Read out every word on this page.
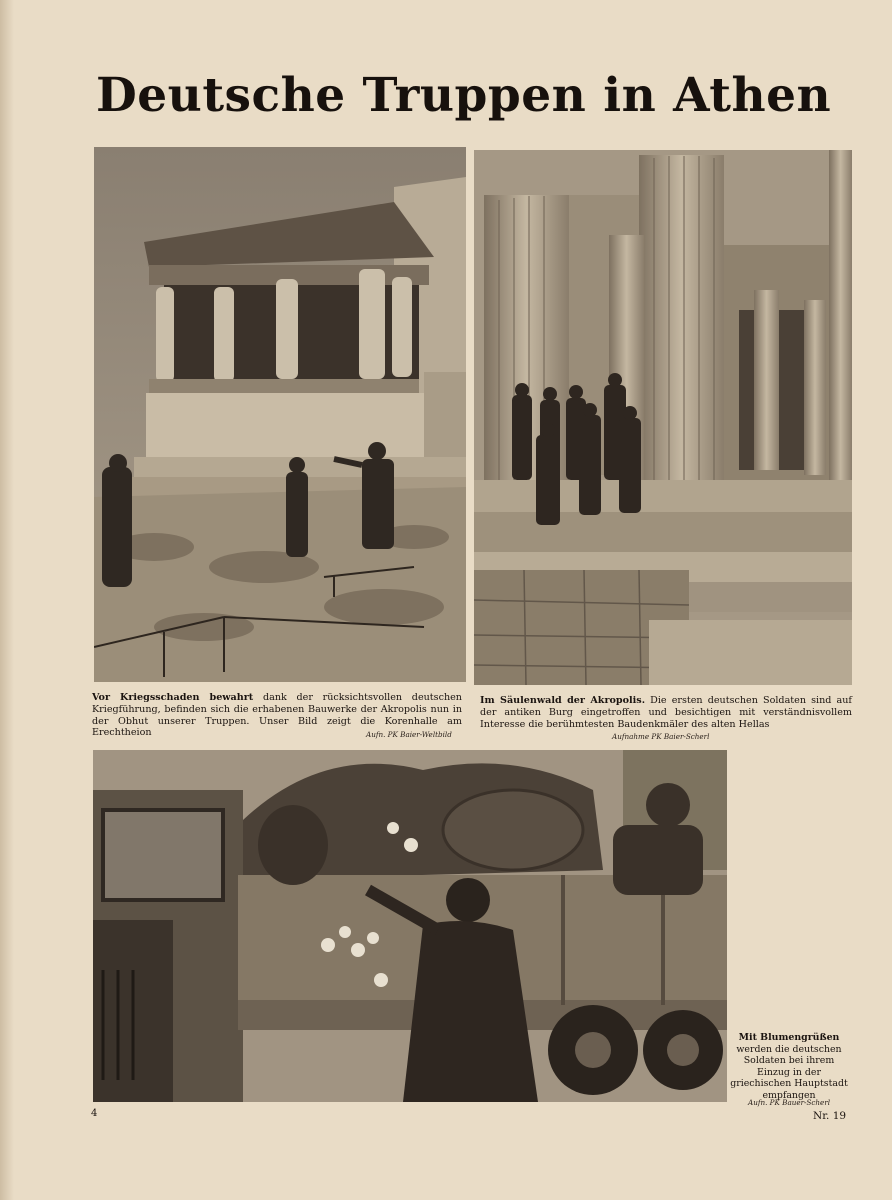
Deutsche Truppen in Athen
Vor Kriegsschaden bewahrt dank der rücksichtsvollen deutschen Kriegführung, befinden sich die erhabenen Bauwerke der Akropolis nun in der Obhut unserer Truppen. Unser Bild zeigt die Korenhalle am Erechtheion	Aufn. PK Baier-Weltbild
Im Säulenwald der Akropolis. Die ersten deutschen Soldaten sind auf der antiken Burg eingetroffen und besichtigen mit verständnisvollem Interesse die berühmtesten Baudenkmäler des alten Hellas
Aufnahme PK Baier-Scherl
Mit Blumengrüßen werden die deutschen Soldaten bei ihrem Einzug in der griechischen Hauptstadt empfangen
Aufn. PK Bauer-Scherl
4	Nr. 19
